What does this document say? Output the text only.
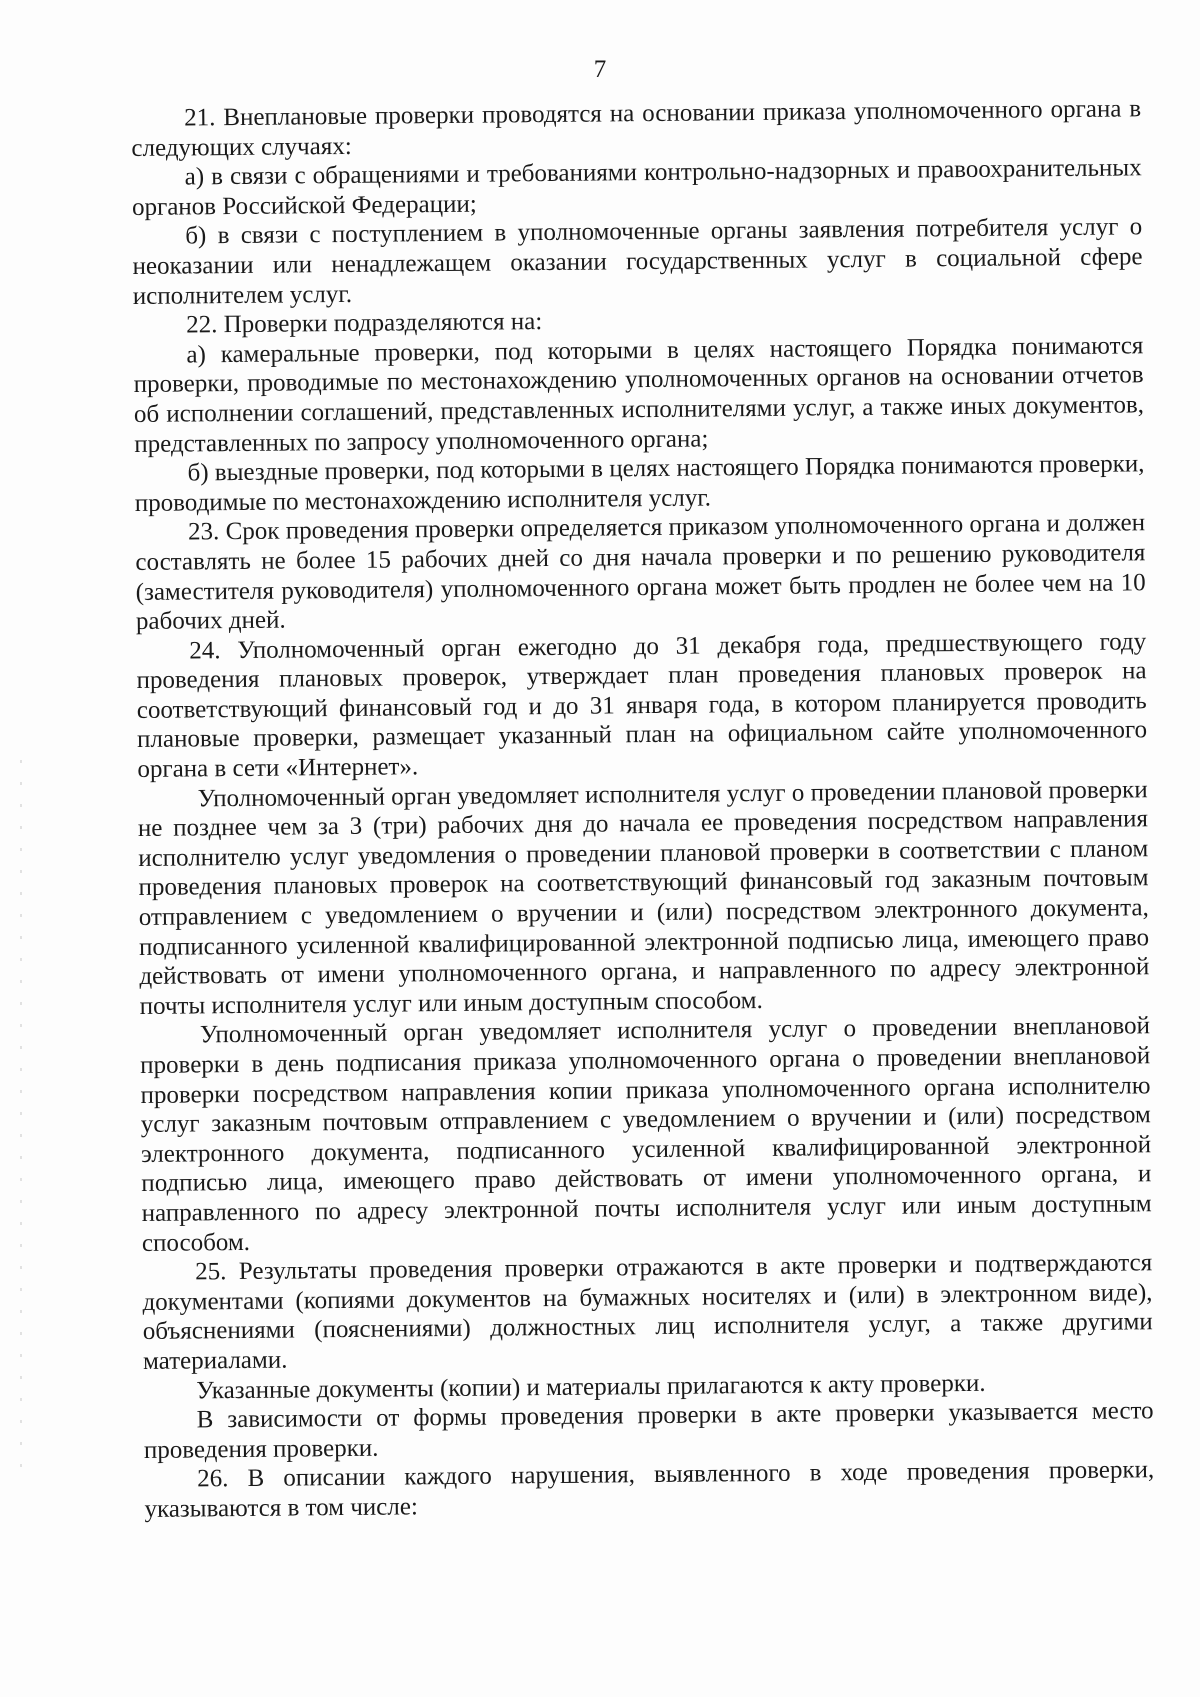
7

21. Внеплановые проверки проводятся на основании приказа уполномоченного органа в следующих случаях:

а) в связи с обращениями и требованиями контрольно-надзорных и правоохранительных органов Российской Федерации;

б) в связи с поступлением в уполномоченные органы заявления потребителя услуг о неоказании или ненадлежащем оказании государственных услуг в социальной сфере исполнителем услуг.

22. Проверки подразделяются на:

а) камеральные проверки, под которыми в целях настоящего Порядка понимаются проверки, проводимые по местонахождению уполномоченных органов на основании отчетов об исполнении соглашений, представленных исполнителями услуг, а также иных документов, представленных по запросу уполномоченного органа;

б) выездные проверки, под которыми в целях настоящего Порядка понимаются проверки, проводимые по местонахождению исполнителя услуг.

23. Срок проведения проверки определяется приказом уполномоченного органа и должен составлять не более 15 рабочих дней со дня начала проверки и по решению руководителя (заместителя руководителя) уполномоченного органа может быть продлен не более чем на 10 рабочих дней.

24. Уполномоченный орган ежегодно до 31 декабря года, предшествующего году проведения плановых проверок, утверждает план проведения плановых проверок на соответствующий финансовый год и до 31 января года, в котором планируется проводить плановые проверки, размещает указанный план на официальном сайте уполномоченного органа в сети «Интернет».

Уполномоченный орган уведомляет исполнителя услуг о проведении плановой проверки не позднее чем за 3 (три) рабочих дня до начала ее проведения посредством направления исполнителю услуг уведомления о проведении плановой проверки в соответствии с планом проведения плановых проверок на соответствующий финансовый год заказным почтовым отправлением с уведомлением о вручении и (или) посредством электронного документа, подписанного усиленной квалифицированной электронной подписью лица, имеющего право действовать от имени уполномоченного органа, и направленного по адресу электронной почты исполнителя услуг или иным доступным способом.

Уполномоченный орган уведомляет исполнителя услуг о проведении внеплановой проверки в день подписания приказа уполномоченного органа о проведении внеплановой проверки посредством направления копии приказа уполномоченного органа исполнителю услуг заказным почтовым отправлением с уведомлением о вручении и (или) посредством электронного документа, подписанного усиленной квалифицированной электронной подписью лица, имеющего право действовать от имени уполномоченного органа, и направленного по адресу электронной почты исполнителя услуг или иным доступным способом.

25. Результаты проведения проверки отражаются в акте проверки и подтверждаются документами (копиями документов на бумажных носителях и (или) в электронном виде), объяснениями (пояснениями) должностных лиц исполнителя услуг, а также другими материалами.

Указанные документы (копии) и материалы прилагаются к акту проверки.

В зависимости от формы проведения проверки в акте проверки указывается место проведения проверки.

26. В описании каждого нарушения, выявленного в ходе проведения проверки, указываются в том числе:
